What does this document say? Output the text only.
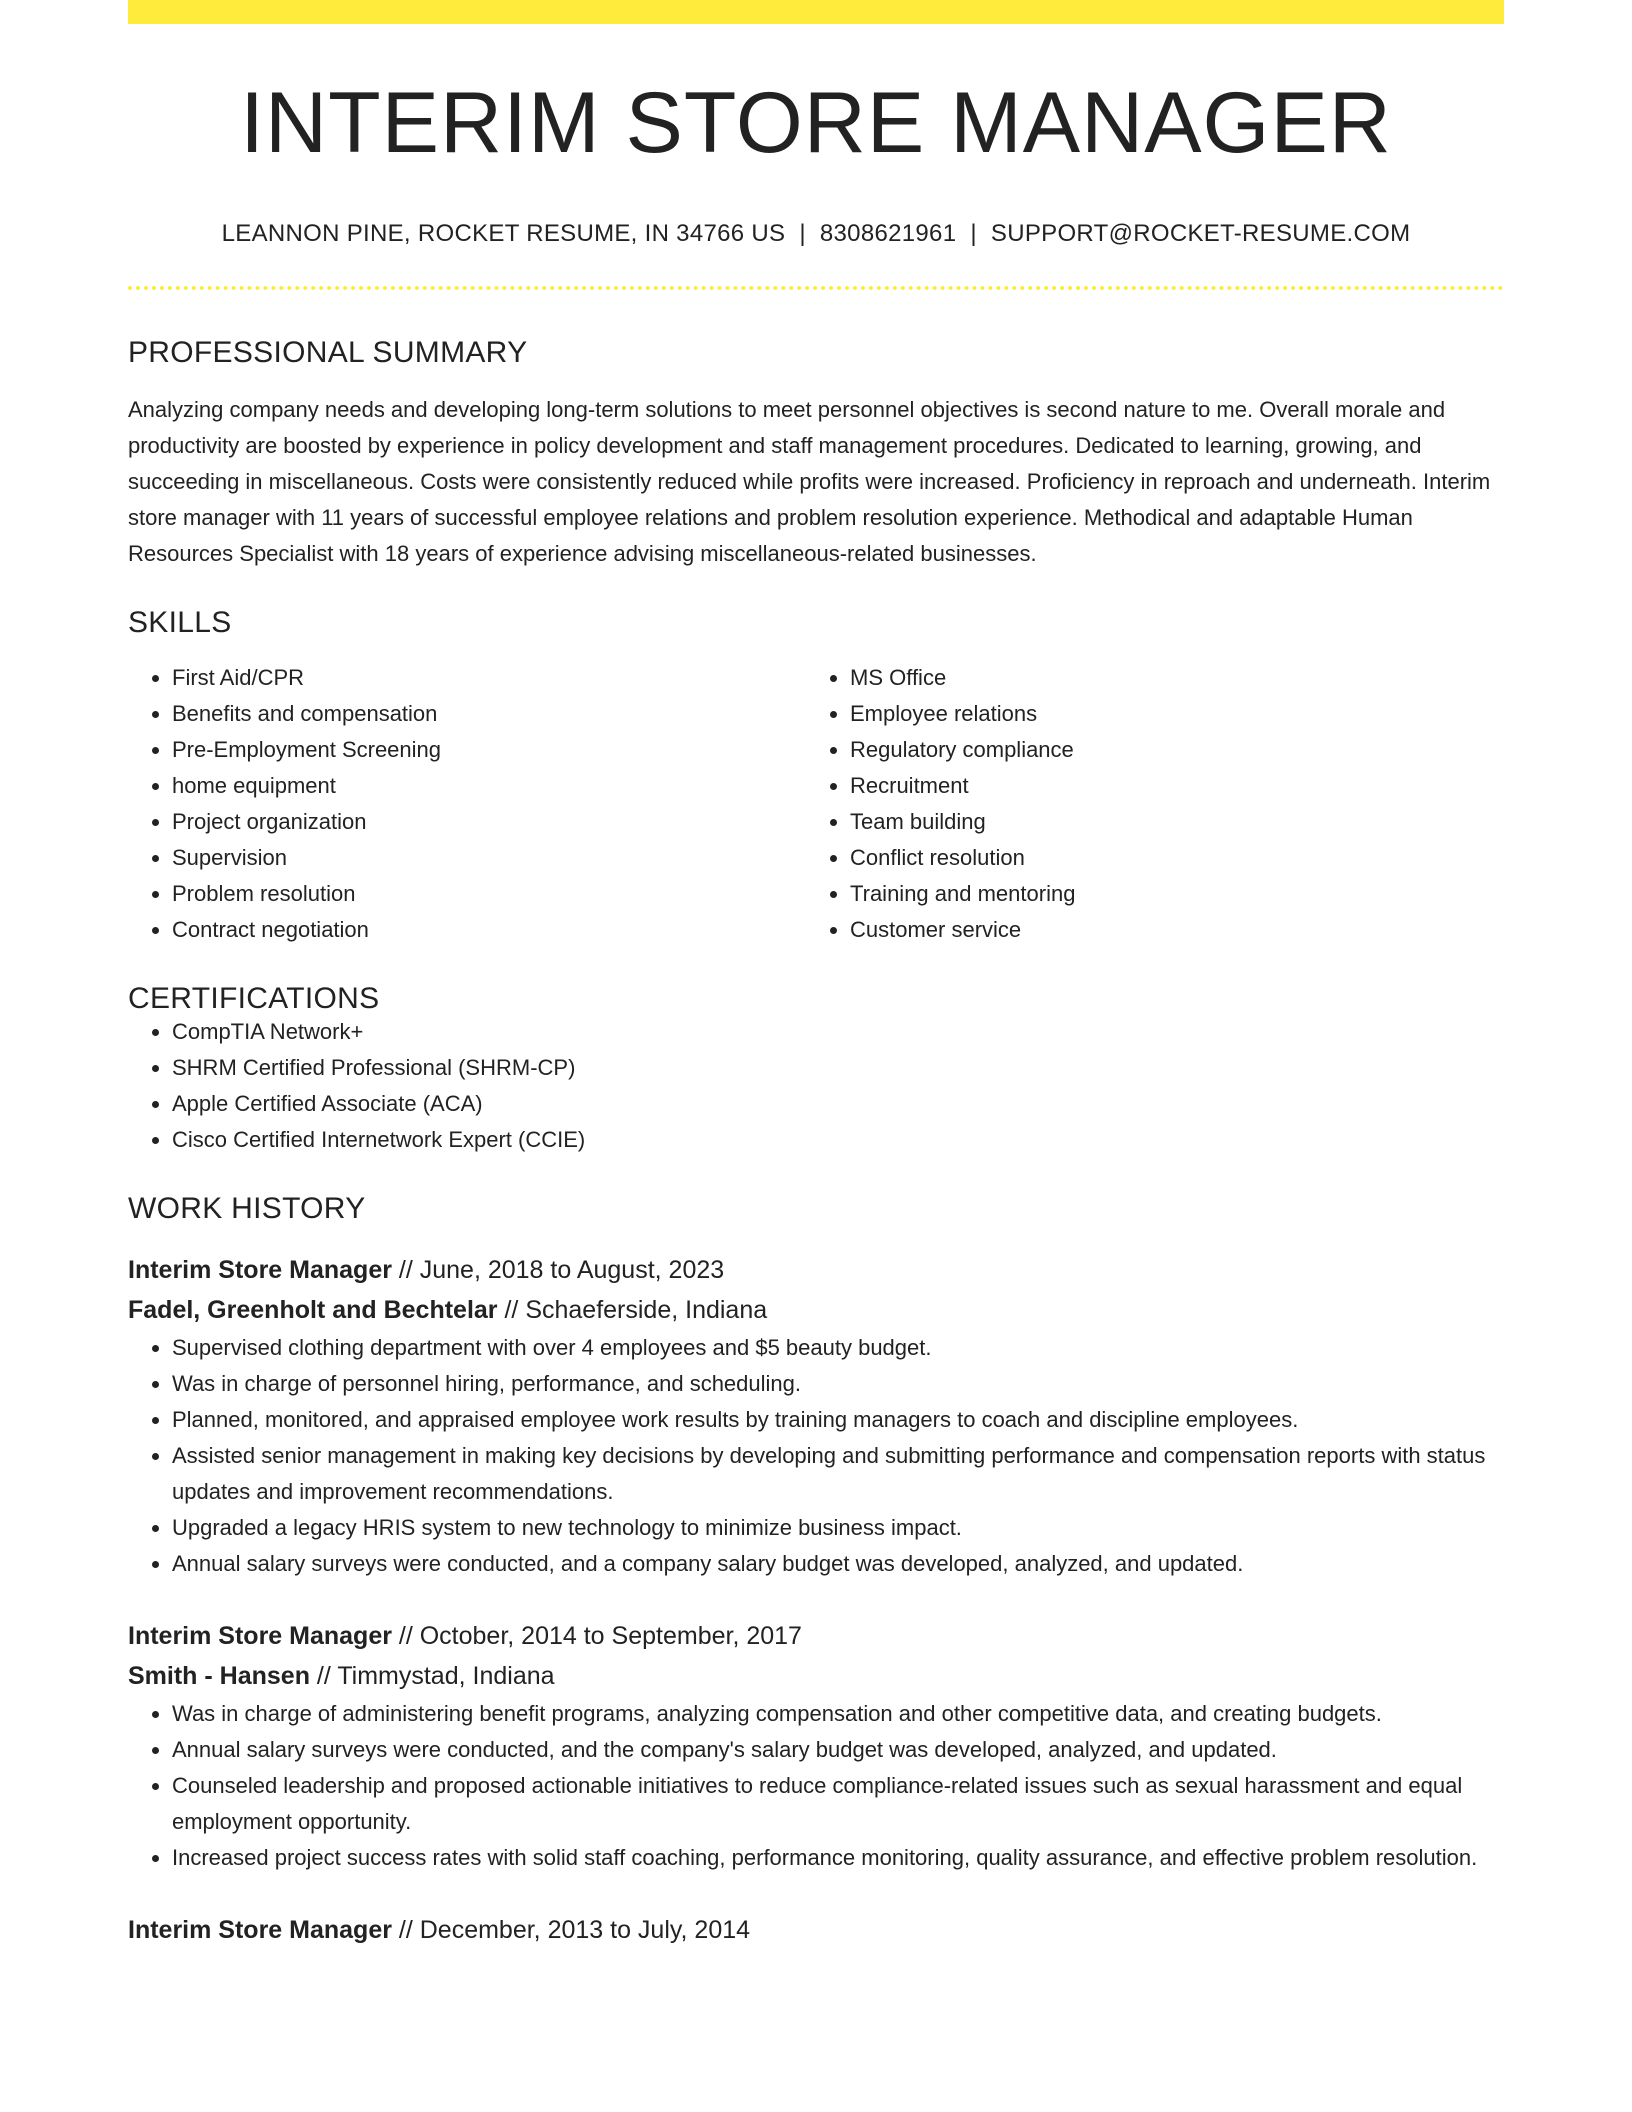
INTERIM STORE MANAGER
LEANNON PINE, ROCKET RESUME, IN 34766 US | 8308621961 | SUPPORT@ROCKET-RESUME.COM
PROFESSIONAL SUMMARY
Analyzing company needs and developing long-term solutions to meet personnel objectives is second nature to me. Overall morale and productivity are boosted by experience in policy development and staff management procedures. Dedicated to learning, growing, and succeeding in miscellaneous. Costs were consistently reduced while profits were increased. Proficiency in reproach and underneath. Interim store manager with 11 years of successful employee relations and problem resolution experience. Methodical and adaptable Human Resources Specialist with 18 years of experience advising miscellaneous-related businesses.
SKILLS
• First Aid/CPR
• Benefits and compensation
• Pre-Employment Screening
• home equipment
• Project organization
• Supervision
• Problem resolution
• Contract negotiation
• MS Office
• Employee relations
• Regulatory compliance
• Recruitment
• Team building
• Conflict resolution
• Training and mentoring
• Customer service
CERTIFICATIONS
• CompTIA Network+
• SHRM Certified Professional (SHRM-CP)
• Apple Certified Associate (ACA)
• Cisco Certified Internetwork Expert (CCIE)
WORK HISTORY
Interim Store Manager // June, 2018 to August, 2023
Fadel, Greenholt and Bechtelar // Schaeferside, Indiana
• Supervised clothing department with over 4 employees and $5 beauty budget.
• Was in charge of personnel hiring, performance, and scheduling.
• Planned, monitored, and appraised employee work results by training managers to coach and discipline employees.
• Assisted senior management in making key decisions by developing and submitting performance and compensation reports with status updates and improvement recommendations.
• Upgraded a legacy HRIS system to new technology to minimize business impact.
• Annual salary surveys were conducted, and a company salary budget was developed, analyzed, and updated.
Interim Store Manager // October, 2014 to September, 2017
Smith - Hansen // Timmystad, Indiana
• Was in charge of administering benefit programs, analyzing compensation and other competitive data, and creating budgets.
• Annual salary surveys were conducted, and the company's salary budget was developed, analyzed, and updated.
• Counseled leadership and proposed actionable initiatives to reduce compliance-related issues such as sexual harassment and equal employment opportunity.
• Increased project success rates with solid staff coaching, performance monitoring, quality assurance, and effective problem resolution.
Interim Store Manager // December, 2013 to July, 2014
